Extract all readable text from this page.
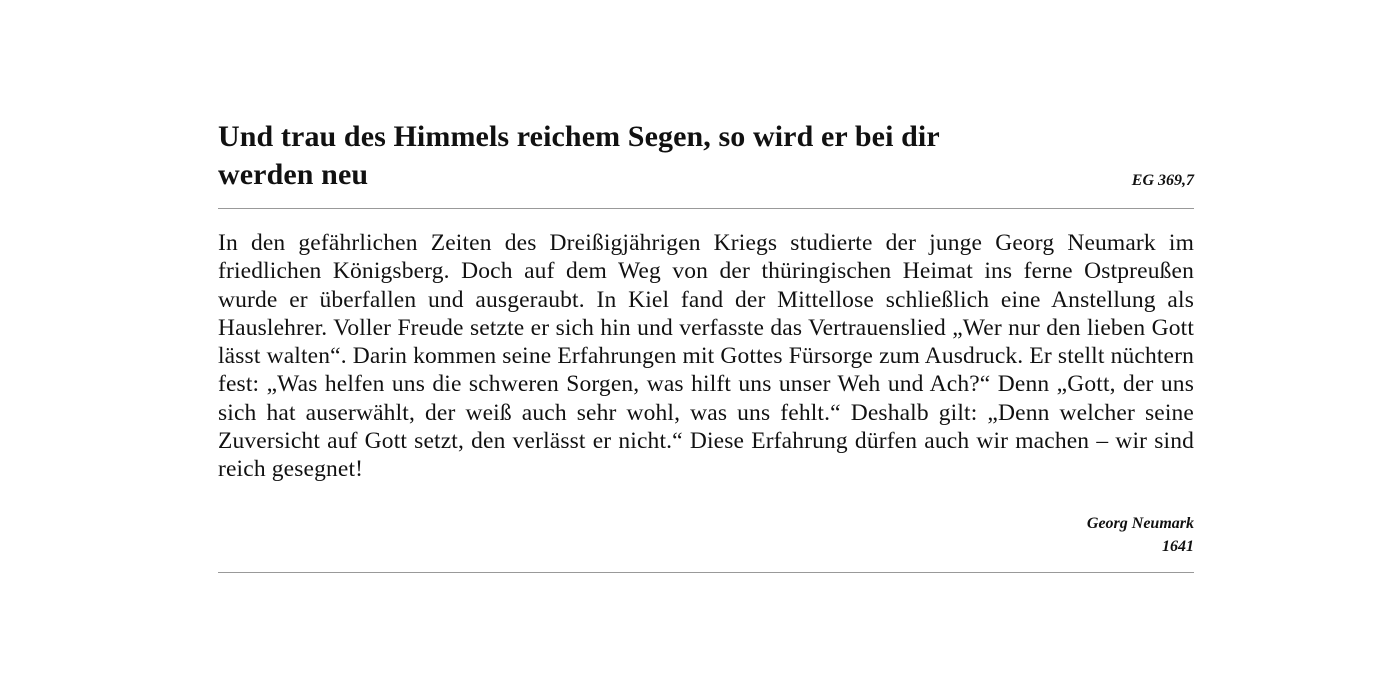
Und trau des Himmels reichem Segen, so wird er bei dir werden neu	EG 369,7

In den gefährlichen Zeiten des Dreißigjährigen Kriegs studierte der junge Georg Neumark im friedlichen Königsberg. Doch auf dem Weg von der thüringischen Heimat ins ferne Ostpreußen wurde er überfallen und ausgeraubt. In Kiel fand der Mittellose schließlich eine Anstellung als Hauslehrer. Voller Freude setzte er sich hin und verfasste das Vertrauenslied „Wer nur den lieben Gott lässt walten“. Darin kommen seine Erfahrungen mit Gottes Fürsorge zum Ausdruck. Er stellt nüchtern fest: „Was helfen uns die schweren Sorgen, was hilft uns unser Weh und Ach?“ Denn „Gott, der uns sich hat auserwählt, der weiß auch sehr wohl, was uns fehlt.“ Deshalb gilt: „Denn welcher seine Zuversicht auf Gott setzt, den verlässt er nicht.“ Diese Erfahrung dürfen auch wir machen – wir sind reich gesegnet!

Georg Neumark
1641
